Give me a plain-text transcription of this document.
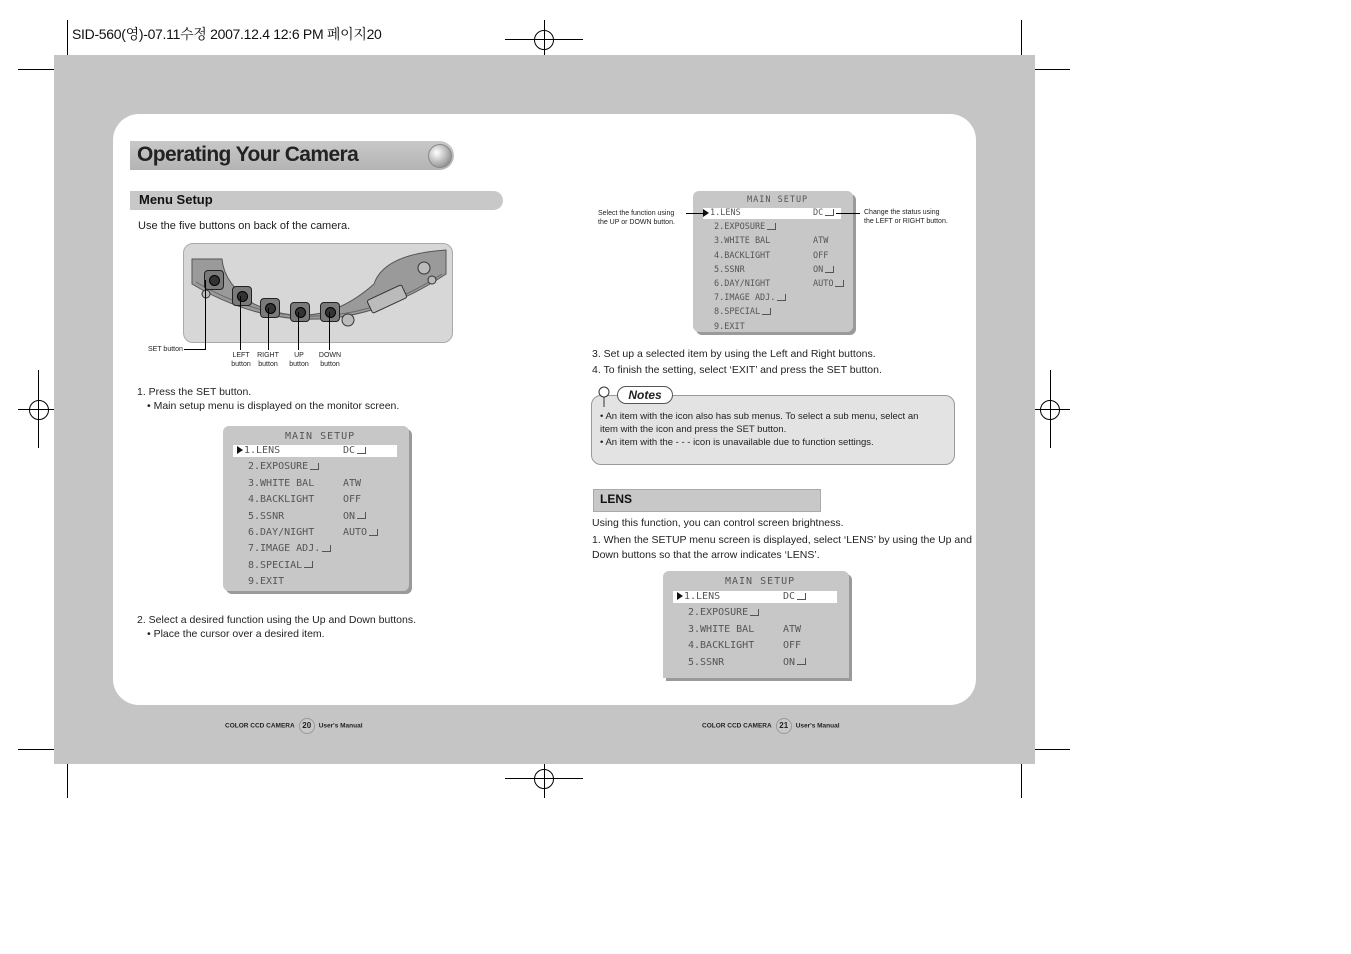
SID-560(영)-07.11수정 2007.12.4 12:6 PM 페이지20
Operating Your Camera
Menu Setup
Use the five buttons on back of the camera.
SET button
LEFT
button
RIGHT
button
UP
button
DOWN
button
1. Press the SET button.
• Main setup menu is displayed on the monitor screen.
MAIN SETUP
1.LENS	DC
2.EXPOSURE
3.WHITE BAL	ATW
4.BACKLIGHT	OFF
5.SSNR	ON
6.DAY/NIGHT	AUTO
7.IMAGE ADJ.
8.SPECIAL
9.EXIT
2. Select a desired function using the Up and Down buttons.
• Place the cursor over a desired item.
MAIN SETUP
1.LENS	DC
2.EXPOSURE
3.WHITE BAL	ATW
4.BACKLIGHT	OFF
5.SSNR	ON
6.DAY/NIGHT	AUTO
7.IMAGE ADJ.
8.SPECIAL
9.EXIT
Select the function using
the UP or DOWN button.
Change the status using
the LEFT or RIGHT button.
3. Set up a selected item by using the Left and Right buttons.
4. To finish the setting, select ‘EXIT’ and press the SET button.
Notes
• An item with the icon also has sub menus. To select a sub menu, select an
item with the icon and press the SET button.
• An item with the - - - icon is unavailable due to function settings.
LENS
Using this function, you can control screen brightness.
1. When the SETUP menu screen is displayed, select ‘LENS’ by using the Up and
Down buttons so that the arrow indicates ‘LENS’.
MAIN SETUP
1.LENS	DC
2.EXPOSURE
3.WHITE BAL	ATW
4.BACKLIGHT	OFF
5.SSNR	ON
COLOR CCD CAMERA 20 User's Manual	COLOR CCD CAMERA 21 User's Manual
